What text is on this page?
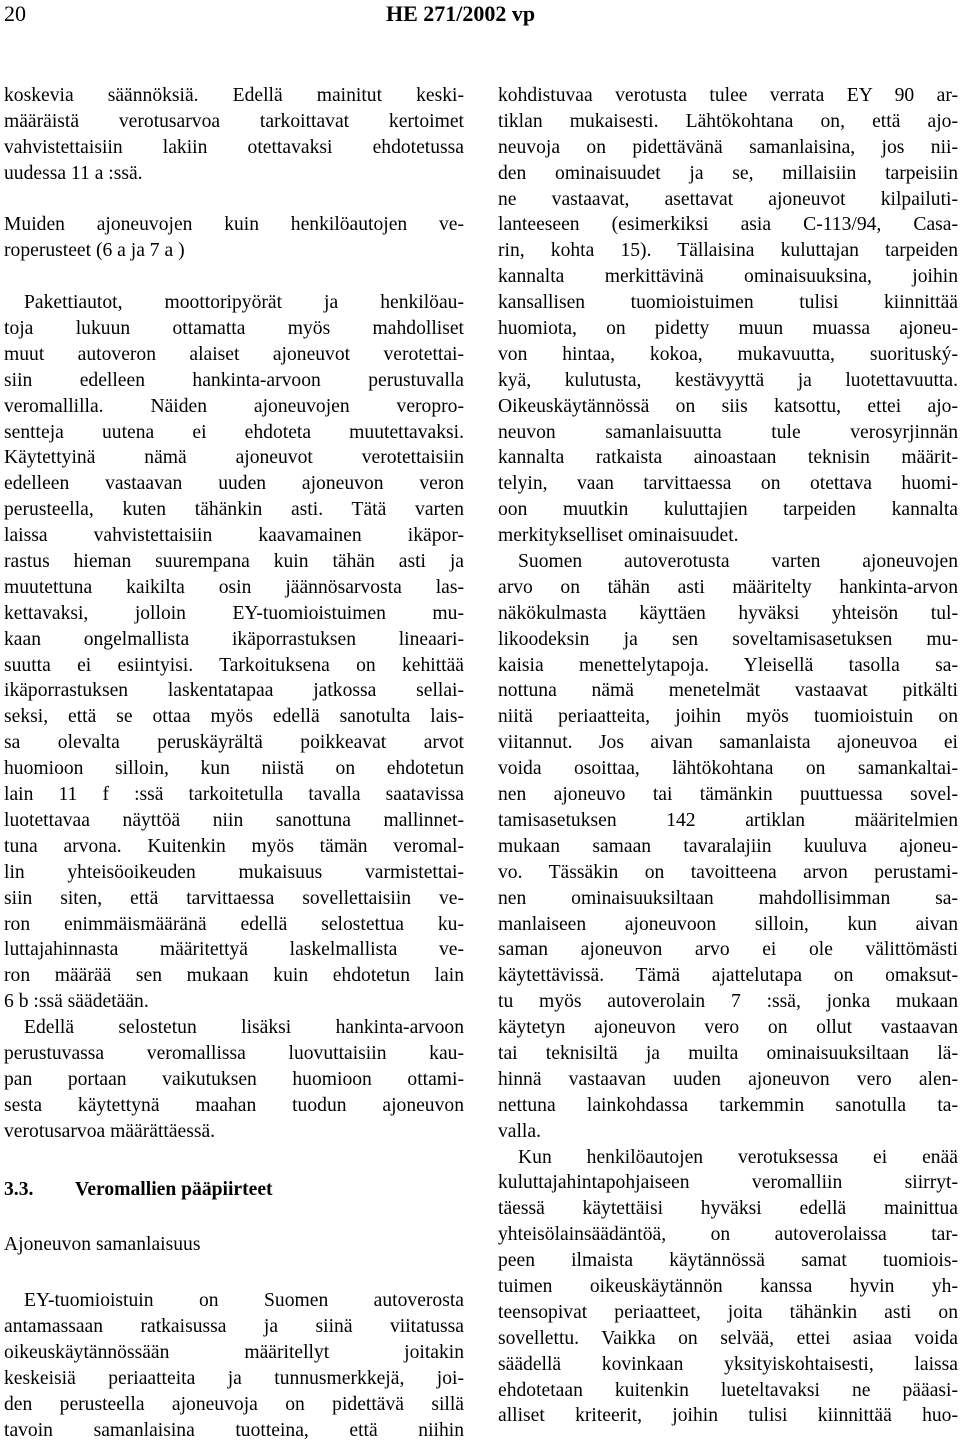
20	HE 271/2002 vp
koskevia säännöksiä. Edellä mainitut keski-
määräistä verotusarvoa tarkoittavat kertoimet
vahvistettaisiin lakiin otettavaksi ehdotetussa
uudessa 11 a :ssä.
Muiden ajoneuvojen kuin henkilöautojen ve-
roperusteet (6 a ja 7 a )
Pakettiautot, moottoripyörät ja henkilöau-
toja lukuun ottamatta myös mahdolliset
muut autoveron alaiset ajoneuvot verotettai-
siin edelleen hankinta-arvoon perustuvalla
veromallilla. Näiden ajoneuvojen veropro-
sentteja uutena ei ehdoteta muutettavaksi.
Käytettyinä nämä ajoneuvot verotettaisiin
edelleen vastaavan uuden ajoneuvon veron
perusteella, kuten tähänkin asti. Tätä varten
laissa vahvistettaisiin kaavamainen ikäpor-
rastus hieman suurempana kuin tähän asti ja
muutettuna kaikilta osin jäännösarvosta las-
kettavaksi, jolloin EY-tuomioistuimen mu-
kaan ongelmallista ikäporrastuksen lineaari-
suutta ei esiintyisi. Tarkoituksena on kehittää
ikäporrastuksen laskentatapaa jatkossa sellai-
seksi, että se ottaa myös edellä sanotulta lais-
sa olevalta peruskäyrältä poikkeavat arvot
huomioon silloin, kun niistä on ehdotetun
lain 11 f :ssä tarkoitetulla tavalla saatavissa
luotettavaa näyttöä niin sanottuna mallinnet-
tuna arvona. Kuitenkin myös tämän veromal-
lin yhteisöoikeuden mukaisuus varmistettai-
siin siten, että tarvittaessa sovellettaisiin ve-
ron enimmäismääränä edellä selostettua ku-
luttajahinnasta määritettyä laskelmallista ve-
ron määrää sen mukaan kuin ehdotetun lain
6 b :ssä säädetään.
Edellä selostetun lisäksi hankinta-arvoon
perustuvassa veromallissa luovuttaisiin kau-
pan portaan vaikutuksen huomioon ottami-
sesta käytettynä maahan tuodun ajoneuvon
verotusarvoa määrättäessä.
3.3. Veromallien pääpiirteet
Ajoneuvon samanlaisuus
EY-tuomioistuin on Suomen autoverosta
antamassaan ratkaisussa ja siinä viitatussa
oikeuskäytännössään määritellyt joitakin
keskeisiä periaatteita ja tunnusmerkkejä, joi-
den perusteella ajoneuvoja on pidettävä sillä
tavoin samanlaisina tuotteina, että niihin
kohdistuvaa verotusta tulee verrata EY 90 ar-
tiklan mukaisesti. Lähtökohtana on, että ajo-
neuvoja on pidettävänä samanlaisina, jos nii-
den ominaisuudet ja se, millaisiin tarpeisiin
ne vastaavat, asettavat ajoneuvot kilpailuti-
lanteeseen (esimerkiksi asia C-113/94, Casa-
rin, kohta 15). Tällaisina kuluttajan tarpeiden
kannalta merkittävinä ominaisuuksina, joihin
kansallisen tuomioistuimen tulisi kiinnittää
huomiota, on pidetty muun muassa ajoneu-
von hintaa, kokoa, mukavuutta, suorituský-
kyä, kulutusta, kestävyyttä ja luotettavuutta.
Oikeuskäytännössä on siis katsottu, ettei ajo-
neuvon samanlaisuutta tule verosyrjinnän
kannalta ratkaista ainoastaan teknisin määrit-
telyin, vaan tarvittaessa on otettava huomi-
oon muutkin kuluttajien tarpeiden kannalta
merkitykselliset ominaisuudet.
Suomen autoverotusta varten ajoneuvojen
arvo on tähän asti määritelty hankinta-arvon
näkökulmasta käyttäen hyväksi yhteisön tul-
likoodeksin ja sen soveltamisasetuksen mu-
kaisia menettelytapoja. Yleisellä tasolla sa-
nottuna nämä menetelmät vastaavat pitkälti
niitä periaatteita, joihin myös tuomioistuin on
viitannut. Jos aivan samanlaista ajoneuvoa ei
voida osoittaa, lähtökohtana on samankaltai-
nen ajoneuvo tai tämänkin puuttuessa sovel-
tamisasetuksen 142 artiklan määritelmien
mukaan samaan tavaralajiin kuuluva ajoneu-
vo. Tässäkin on tavoitteena arvon perustami-
nen ominaisuuksiltaan mahdollisimman sa-
manlaiseen ajoneuvoon silloin, kun aivan
saman ajoneuvon arvo ei ole välittömästi
käytettävissä. Tämä ajattelutapa on omaksut-
tu myös autoverolain 7 :ssä, jonka mukaan
käytetyn ajoneuvon vero on ollut vastaavan
tai teknisiltä ja muilta ominaisuuksiltaan lä-
hinnä vastaavan uuden ajoneuvon vero alen-
nettuna lainkohdassa tarkemmin sanotulla ta-
valla.
Kun henkilöautojen verotuksessa ei enää
kuluttajahintapohjaiseen veromalliin siirryt-
täessä käytettäisi hyväksi edellä mainittua
yhteisölainsäädäntöä, on autoverolaissa tar-
peen ilmaista käytännössä samat tuomiois-
tuimen oikeuskäytännön kanssa hyvin yh-
teensopivat periaatteet, joita tähänkin asti on
sovellettu. Vaikka on selvää, ettei asiaa voida
säädellä kovinkaan yksityiskohtaisesti, laissa
ehdotetaan kuitenkin lueteltavaksi ne pääasi-
alliset kriteerit, joihin tulisi kiinnittää huo-
